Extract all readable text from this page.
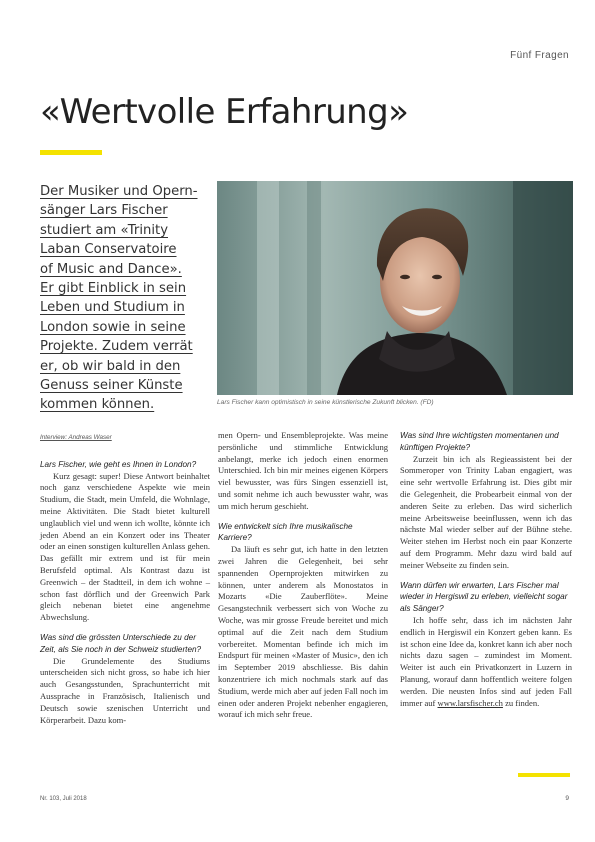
Fünf Fragen
«Wertvolle Erfahrung»
Der Musiker und Opern-
sänger Lars Fischer
studiert am «Trinity
Laban Conservatoire
of Music and Dance».
Er gibt Einblick in sein
Leben und Studium in
London sowie in seine
Projekte. Zudem verrät
er, ob wir bald in den
Genuss seiner Künste
kommen können.	Lars Fischer kann optimistisch in seine künstlerische Zukunft blicken. (FD)
Interview: Andreas Waser
Lars Fischer, wie geht es Ihnen in London?
Kurz gesagt: super! Diese Antwort beinhaltet noch ganz verschiedene Aspekte wie mein Studium, die Stadt, mein Umfeld, die Wohnlage, meine Aktivitäten. Die Stadt bietet kulturell unglaublich viel und wenn ich wollte, könnte ich jeden Abend an ein Konzert oder ins Theater oder an einen sonstigen kulturellen Anlass gehen. Das gefällt mir extrem und ist für mein Berufsfeld optimal. Als Kontrast dazu ist Greenwich – der Stadtteil, in dem ich wohne – schon fast dörflich und der Greenwich Park gleich nebenan bietet eine angenehme Abwechslung.
Was sind die grössten Unterschiede zu der Zeit, als Sie noch in der Schweiz studierten?
Die Grundelemente des Studiums unterscheiden sich nicht gross, so habe ich hier auch Gesangsstunden, Sprachunterricht mit Aussprache in Französisch, Italienisch und Deutsch sowie szenischen Unterricht und Körperarbeit. Dazu kom-
men Opern- und Ensembleprojekte. Was meine persönliche und stimmliche Entwicklung anbelangt, merke ich jedoch einen enormen Unterschied. Ich bin mir meines eigenen Körpers viel bewusster, was fürs Singen essenziell ist, und somit nehme ich auch bewusster wahr, was um mich herum geschieht.
Wie entwickelt sich Ihre musikalische Karriere?
Da läuft es sehr gut, ich hatte in den letzten zwei Jahren die Gelegenheit, bei sehr spannenden Opernprojekten mitwirken zu können, unter anderem als Monostatos in Mozarts «Die Zauberflöte». Meine Gesangstechnik verbessert sich von Woche zu Woche, was mir grosse Freude bereitet und mich optimal auf die Zeit nach dem Studium vorbereitet. Momentan befinde ich mich im Endspurt für meinen «Master of Music», den ich im September 2019 abschliesse. Bis dahin konzentriere ich mich nochmals stark auf das Studium, werde mich aber auf jeden Fall noch im einen oder anderen Projekt nebenher engagieren, worauf ich mich sehr freue.
Was sind Ihre wichtigsten momentanen und künftigen Projekte?
Zurzeit bin ich als Regieassistent bei der Sommeroper von Trinity Laban engagiert, was eine sehr wertvolle Erfahrung ist. Dies gibt mir die Gelegenheit, die Probearbeit einmal von der anderen Seite zu erleben. Das wird sicherlich meine Arbeitsweise beeinflussen, wenn ich das nächste Mal wieder selber auf der Bühne stehe. Weiter stehen im Herbst noch ein paar Konzerte auf dem Programm. Mehr dazu wird bald auf meiner Webseite zu finden sein.
Wann dürfen wir erwarten, Lars Fischer mal wieder in Hergiswil zu erleben, vielleicht sogar als Sänger?
Ich hoffe sehr, dass ich im nächsten Jahr endlich in Hergiswil ein Konzert geben kann. Es ist schon eine Idee da, konkret kann ich aber noch nichts dazu sagen – zumindest im Moment. Weiter ist auch ein Privatkonzert in Luzern in Planung, worauf dann hoffentlich weitere folgen werden. Die neusten Infos sind auf jeden Fall immer auf www.larsfischer.ch zu finden.
Nr. 103, Juli 2018	9
